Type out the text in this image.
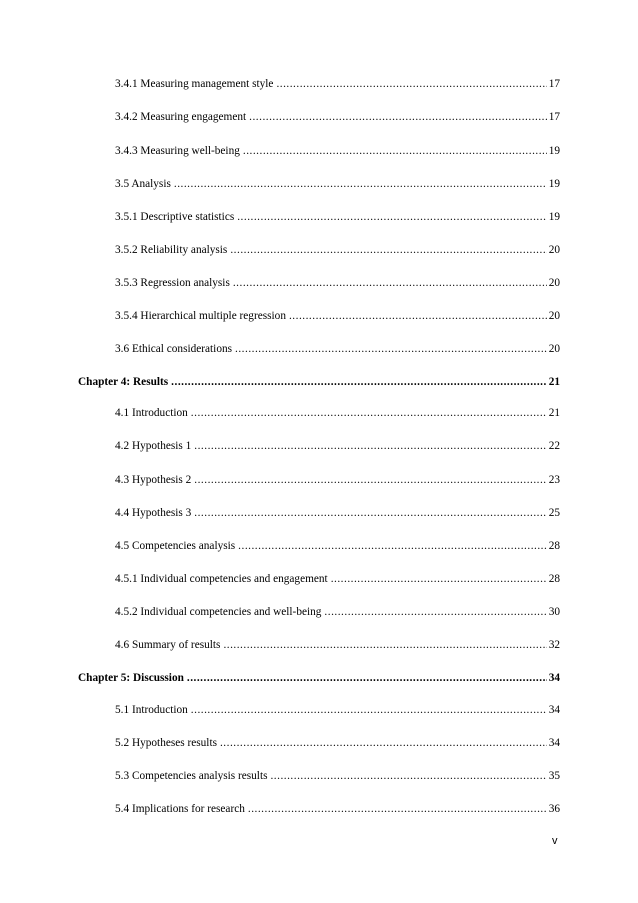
3.4.1 Measuring management style .....	17
3.4.2 Measuring engagement .....	17
3.4.3 Measuring well-being .....	19
3.5 Analysis .....	19
3.5.1 Descriptive statistics .....	19
3.5.2 Reliability analysis .....	20
3.5.3 Regression analysis .....	20
3.5.4 Hierarchical multiple regression .....	20
3.6 Ethical considerations .....	20
Chapter 4: Results .....	21
4.1 Introduction .....	21
4.2 Hypothesis 1 .....	22
4.3 Hypothesis 2 .....	23
4.4 Hypothesis 3 .....	25
4.5 Competencies analysis .....	28
4.5.1 Individual competencies and engagement .....	28
4.5.2 Individual competencies and well-being .....	30
4.6 Summary of results .....	32
Chapter 5: Discussion .....	34
5.1 Introduction .....	34
5.2 Hypotheses results .....	34
5.3 Competencies analysis results .....	35
5.4 Implications for research .....	36
v
